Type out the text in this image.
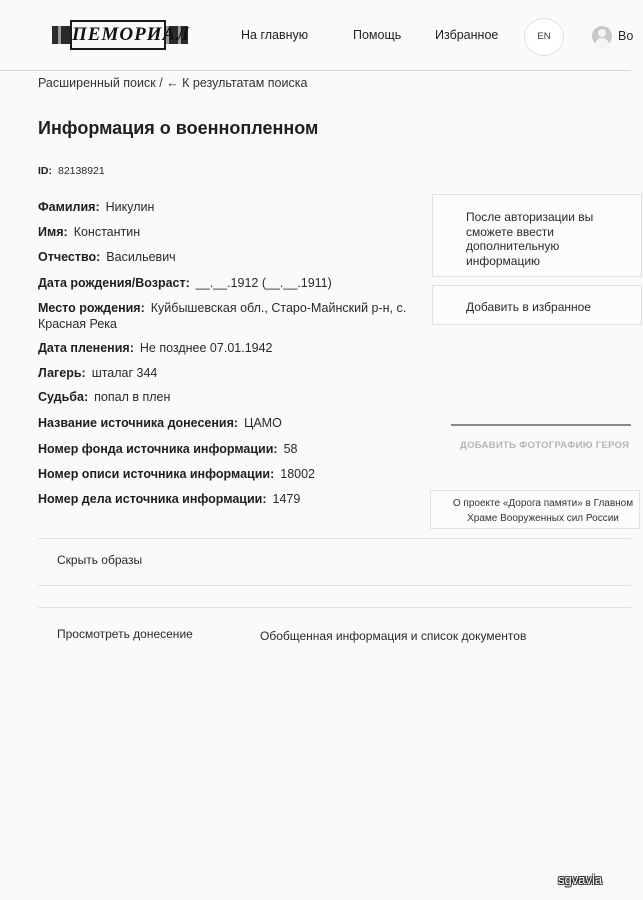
ПЕМОРИАЛ	На главную	Помощь	Избранное	EN	Во
Расширенный поиск / ← К результатам поиска
Информация о военнопленном
ID: 82138921
Фамилия: Никулин
Имя: Константин
Отчество: Васильевич
Дата рождения/Возраст: __.__.1912 (__.__.1911)
Место рождения: Куйбышевская обл., Старо-Майнский р-н, с. Красная Река
Дата пленения: Не позднее 07.01.1942
Лагерь: шталаг 344
Судьба: попал в плен
Название источника донесения: ЦАМО
Номер фонда источника информации: 58
Номер описи источника информации: 18002
Номер дела источника информации: 1479

После авторизации вы сможете ввести дополнительную информацию

Добавить в избранное
ДОБАВИТЬ ФОТОГРАФИЮ ГЕРОЯ

О проекте «Дорога памяти» в Главном Храме Вооруженных сил России

Скрыть образы
Просмотреть донесение	Обобщенная информация и список документов
sgvavia
